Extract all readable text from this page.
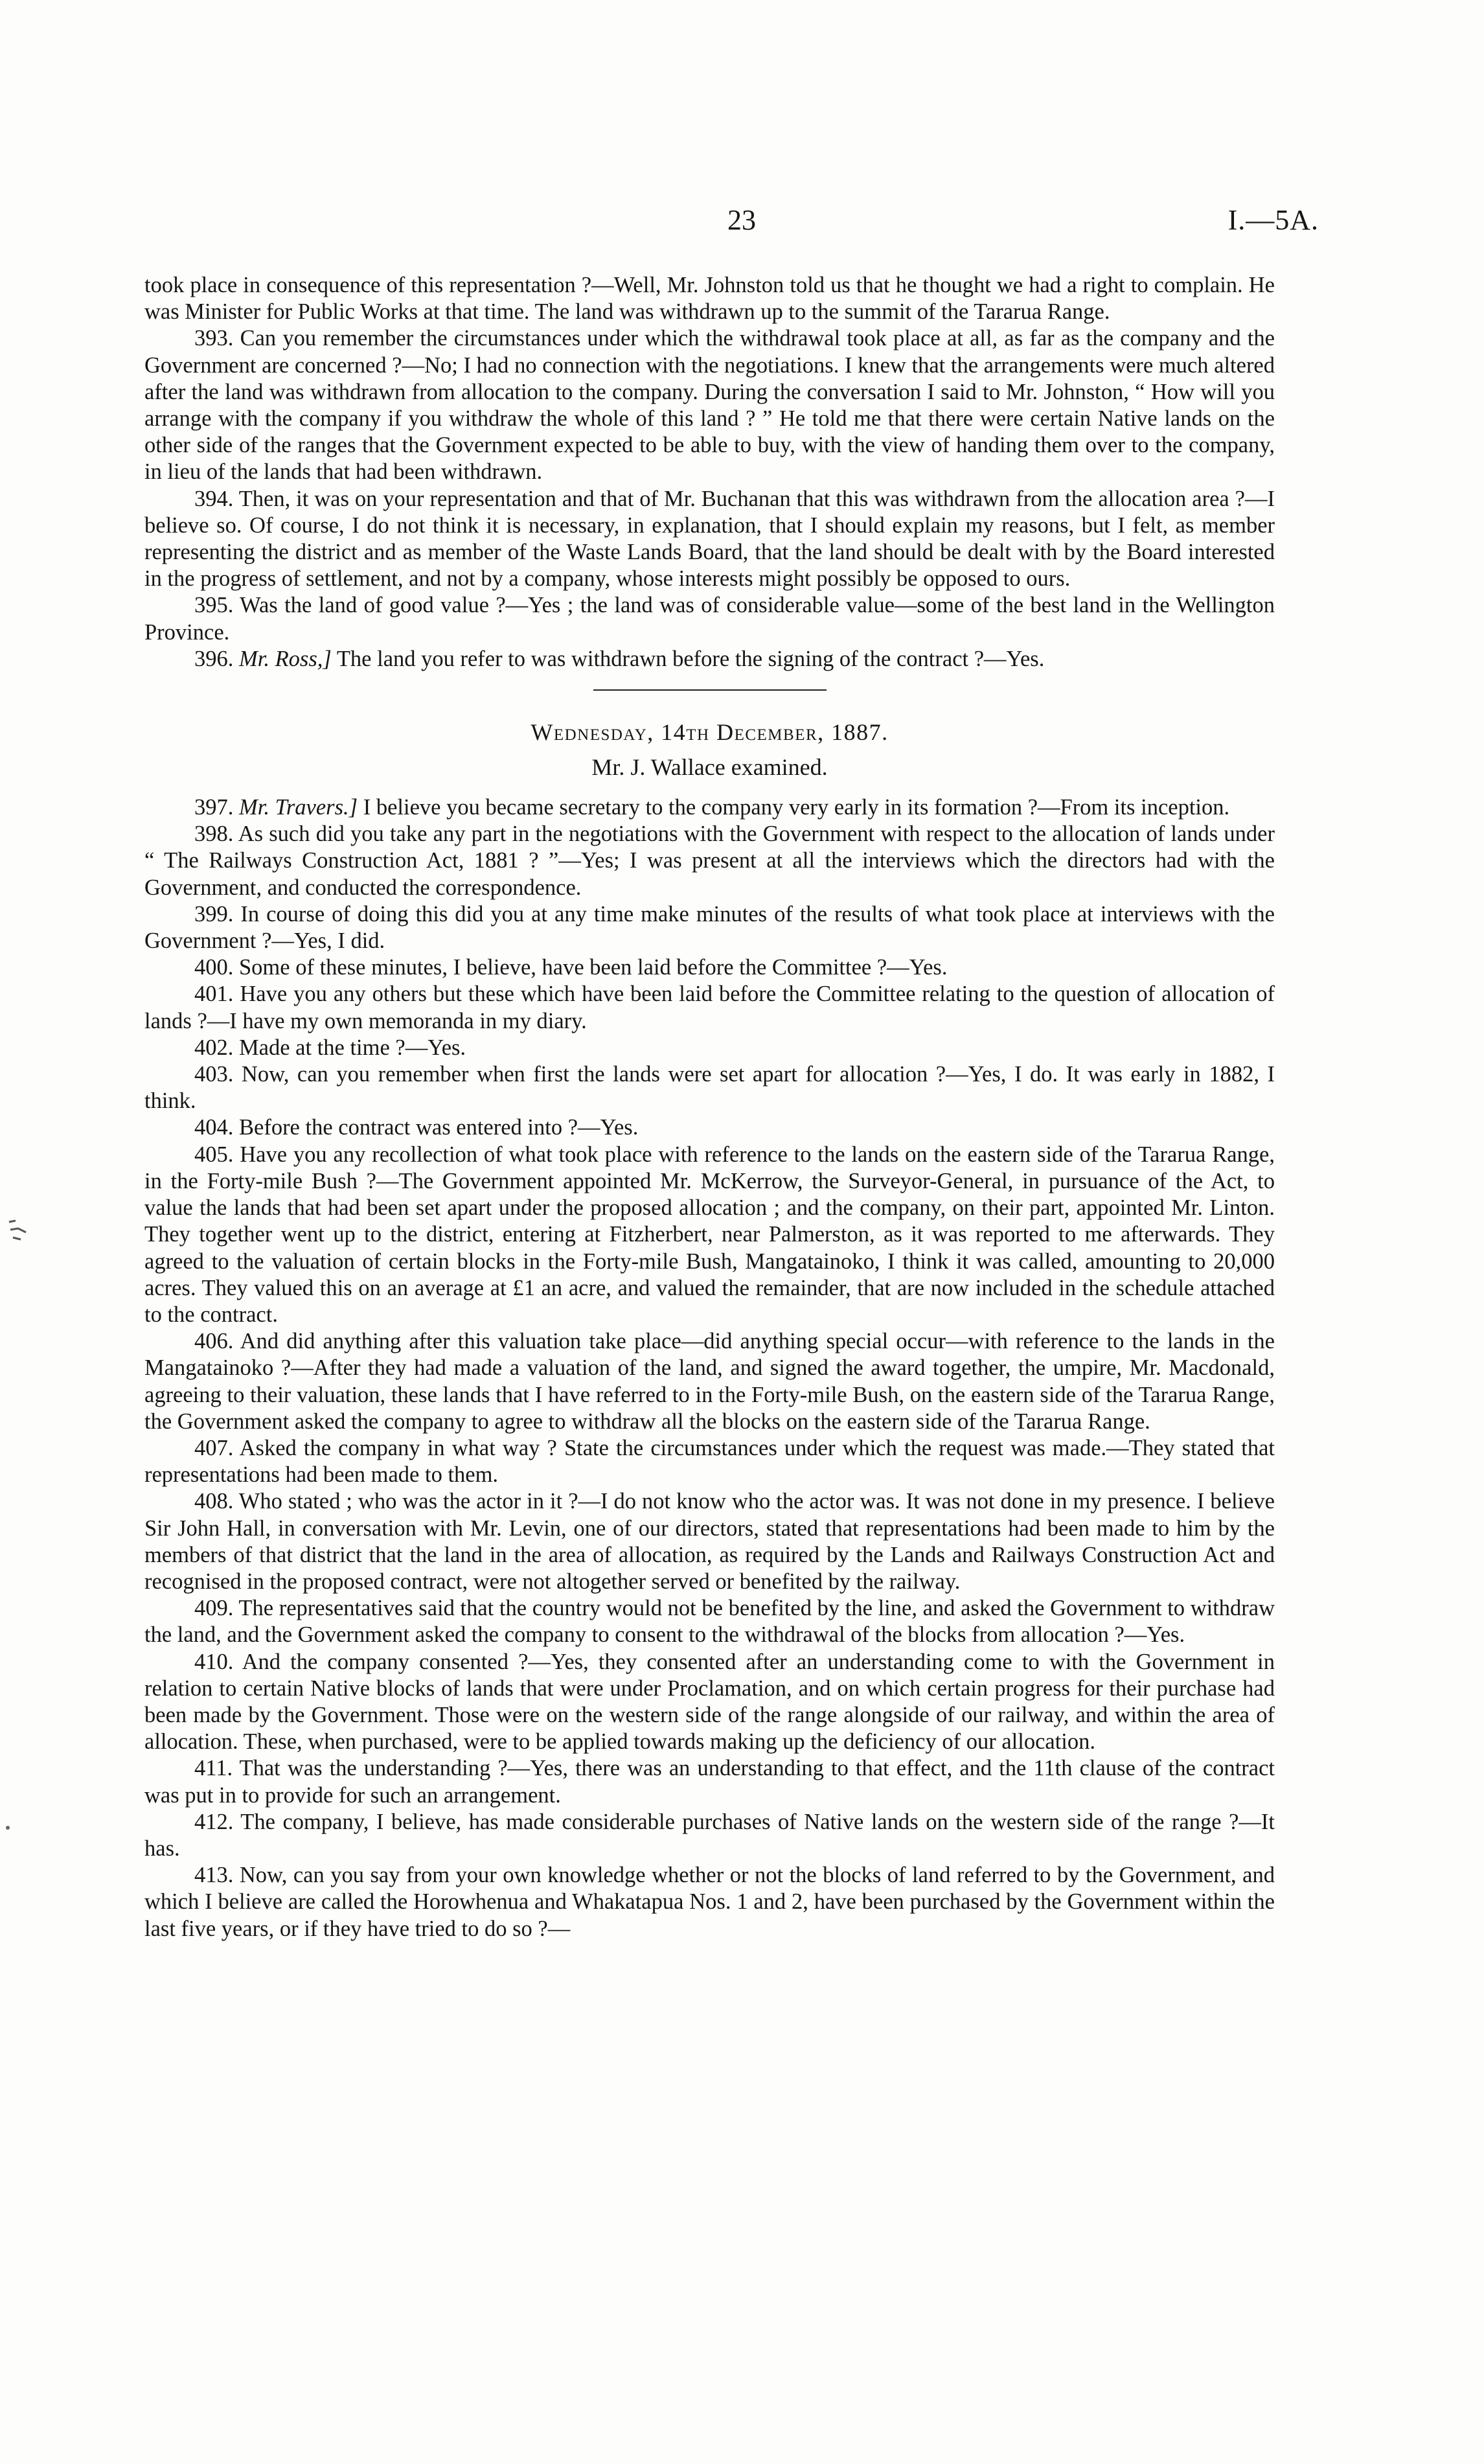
23	I.—5A.

took place in consequence of this representation ?—Well, Mr. Johnston told us that he thought we had a right to complain. He was Minister for Public Works at that time. The land was withdrawn up to the summit of the Tararua Range.

393. Can you remember the circumstances under which the withdrawal took place at all, as far as the company and the Government are concerned ?—No; I had no connection with the negotiations. I knew that the arrangements were much altered after the land was withdrawn from allocation to the company. During the conversation I said to Mr. Johnston, “ How will you arrange with the company if you withdraw the whole of this land ? ” He told me that there were certain Native lands on the other side of the ranges that the Government expected to be able to buy, with the view of handing them over to the company, in lieu of the lands that had been withdrawn.

394. Then, it was on your representation and that of Mr. Buchanan that this was withdrawn from the allocation area ?—I believe so. Of course, I do not think it is necessary, in explanation, that I should explain my reasons, but I felt, as member representing the district and as member of the Waste Lands Board, that the land should be dealt with by the Board interested in the progress of settlement, and not by a company, whose interests might possibly be opposed to ours.

395. Was the land of good value ?—Yes ; the land was of considerable value—some of the best land in the Wellington Province.

396. Mr. Ross,] The land you refer to was withdrawn before the signing of the contract ?—Yes.

Wednesday, 14th December, 1887.
Mr. J. Wallace examined.

397. Mr. Travers.] I believe you became secretary to the company very early in its formation ?—From its inception.

398. As such did you take any part in the negotiations with the Government with respect to the allocation of lands under “ The Railways Construction Act, 1881 ? ”—Yes; I was present at all the interviews which the directors had with the Government, and conducted the correspondence.

399. In course of doing this did you at any time make minutes of the results of what took place at interviews with the Government ?—Yes, I did.

400. Some of these minutes, I believe, have been laid before the Committee ?—Yes.

401. Have you any others but these which have been laid before the Committee relating to the question of allocation of lands ?—I have my own memoranda in my diary.

402. Made at the time ?—Yes.

403. Now, can you remember when first the lands were set apart for allocation ?—Yes, I do. It was early in 1882, I think.

404. Before the contract was entered into ?—Yes.

405. Have you any recollection of what took place with reference to the lands on the eastern side of the Tararua Range, in the Forty-mile Bush ?—The Government appointed Mr. McKerrow, the Surveyor-General, in pursuance of the Act, to value the lands that had been set apart under the proposed allocation ; and the company, on their part, appointed Mr. Linton. They together went up to the district, entering at Fitzherbert, near Palmerston, as it was reported to me afterwards. They agreed to the valuation of certain blocks in the Forty-mile Bush, Mangatainoko, I think it was called, amounting to 20,000 acres. They valued this on an average at £1 an acre, and valued the remainder, that are now included in the schedule attached to the contract.

406. And did anything after this valuation take place—did anything special occur—with reference to the lands in the Mangatainoko ?—After they had made a valuation of the land, and signed the award together, the umpire, Mr. Macdonald, agreeing to their valuation, these lands that I have referred to in the Forty-mile Bush, on the eastern side of the Tararua Range, the Government asked the company to agree to withdraw all the blocks on the eastern side of the Tararua Range.

407. Asked the company in what way ? State the circumstances under which the request was made.—They stated that representations had been made to them.

408. Who stated ; who was the actor in it ?—I do not know who the actor was. It was not done in my presence. I believe Sir John Hall, in conversation with Mr. Levin, one of our directors, stated that representations had been made to him by the members of that district that the land in the area of allocation, as required by the Lands and Railways Construction Act and recognised in the proposed contract, were not altogether served or benefited by the railway.

409. The representatives said that the country would not be benefited by the line, and asked the Government to withdraw the land, and the Government asked the company to consent to the withdrawal of the blocks from allocation ?—Yes.

410. And the company consented ?—Yes, they consented after an understanding come to with the Government in relation to certain Native blocks of lands that were under Proclamation, and on which certain progress for their purchase had been made by the Government. Those were on the western side of the range alongside of our railway, and within the area of allocation. These, when purchased, were to be applied towards making up the deficiency of our allocation.

411. That was the understanding ?—Yes, there was an understanding to that effect, and the 11th clause of the contract was put in to provide for such an arrangement.

412. The company, I believe, has made considerable purchases of Native lands on the western side of the range ?—It has.

413. Now, can you say from your own knowledge whether or not the blocks of land referred to by the Government, and which I believe are called the Horowhenua and Whakatapua Nos. 1 and 2, have been purchased by the Government within the last five years, or if they have tried to do so ?—
